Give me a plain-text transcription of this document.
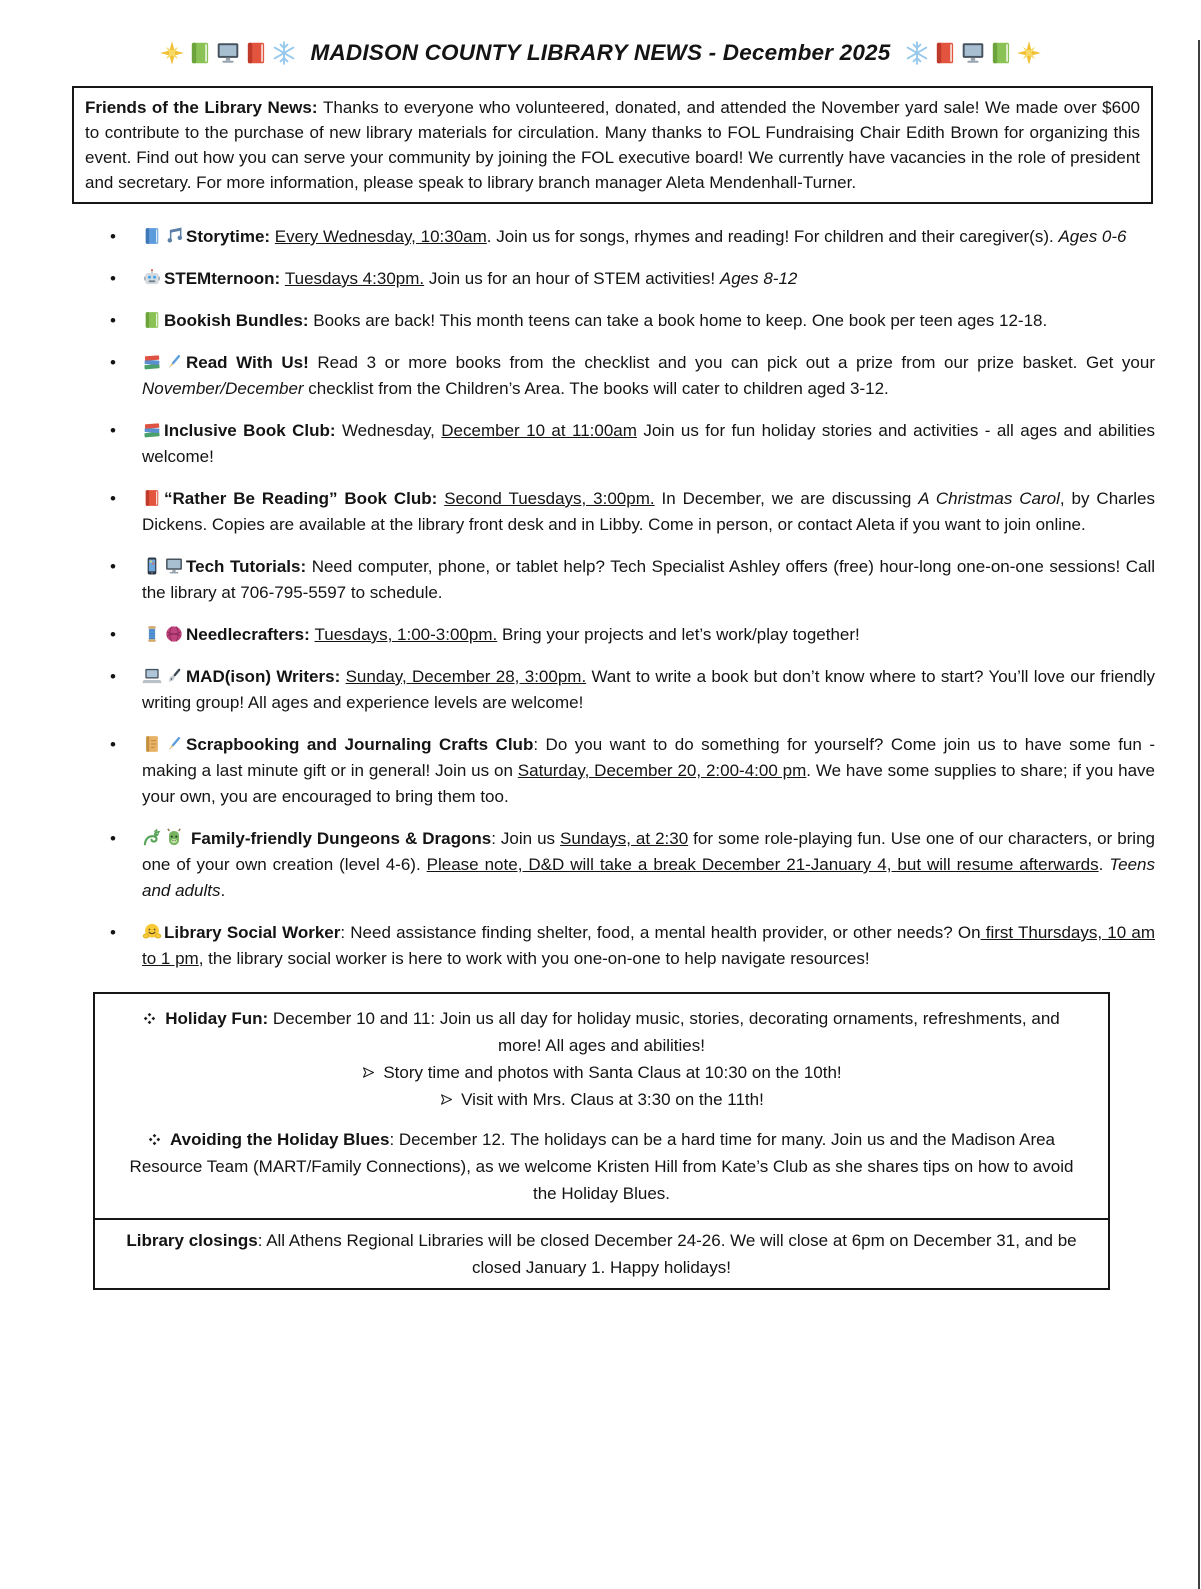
MADISON COUNTY LIBRARY NEWS - December 2025
Friends of the Library News: Thanks to everyone who volunteered, donated, and attended the November yard sale! We made over $600 to contribute to the purchase of new library materials for circulation. Many thanks to FOL Fundraising Chair Edith Brown for organizing this event. Find out how you can serve your community by joining the FOL executive board! We currently have vacancies in the role of president and secretary. For more information, please speak to library branch manager Aleta Mendenhall-Turner.
•	Storytime: Every Wednesday, 10:30am. Join us for songs, rhymes and reading! For children and their caregiver(s). Ages 0-6
•	STEMternoon: Tuesdays 4:30pm. Join us for an hour of STEM activities! Ages 8-12
•	Bookish Bundles: Books are back! This month teens can take a book home to keep. One book per teen ages 12-18.
•	Read With Us! Read 3 or more books from the checklist and you can pick out a prize from our prize basket. Get your November/December checklist from the Children’s Area. The books will cater to children aged 3-12.
•	Inclusive Book Club: Wednesday, December 10 at 11:00am Join us for fun holiday stories and activities - all ages and abilities welcome!
•	“Rather Be Reading” Book Club: Second Tuesdays, 3:00pm. In December, we are discussing A Christmas Carol, by Charles Dickens. Copies are available at the library front desk and in Libby. Come in person, or contact Aleta if you want to join online.
•	Tech Tutorials: Need computer, phone, or tablet help? Tech Specialist Ashley offers (free) hour-long one-on-one sessions! Call the library at 706-795-5597 to schedule.
•	Needlecrafters: Tuesdays, 1:00-3:00pm. Bring your projects and let’s work/play together!
•	MAD(ison) Writers: Sunday, December 28, 3:00pm. Want to write a book but don’t know where to start? You’ll love our friendly writing group! All ages and experience levels are welcome!
•	Scrapbooking and Journaling Crafts Club: Do you want to do something for yourself? Come join us to have some fun - making a last minute gift or in general! Join us on Saturday, December 20, 2:00-4:00 pm. We have some supplies to share; if you have your own, you are encouraged to bring them too.
•	Family-friendly Dungeons & Dragons: Join us Sundays, at 2:30 for some role-playing fun. Use one of our characters, or bring one of your own creation (level 4-6). Please note, D&D will take a break December 21-January 4, but will resume afterwards. Teens and adults.
•	Library Social Worker: Need assistance finding shelter, food, a mental health provider, or other needs? On first Thursdays, 10 am to 1 pm, the library social worker is here to work with you one-on-one to help navigate resources!
Holiday Fun: December 10 and 11: Join us all day for holiday music, stories, decorating ornaments, refreshments, and more! All ages and abilities!
Story time and photos with Santa Claus at 10:30 on the 10th!
Visit with Mrs. Claus at 3:30 on the 11th!
Avoiding the Holiday Blues: December 12. The holidays can be a hard time for many. Join us and the Madison Area Resource Team (MART/Family Connections), as we welcome Kristen Hill from Kate’s Club as she shares tips on how to avoid the Holiday Blues.
Library closings: All Athens Regional Libraries will be closed December 24-26. We will close at 6pm on December 31, and be closed January 1. Happy holidays!
